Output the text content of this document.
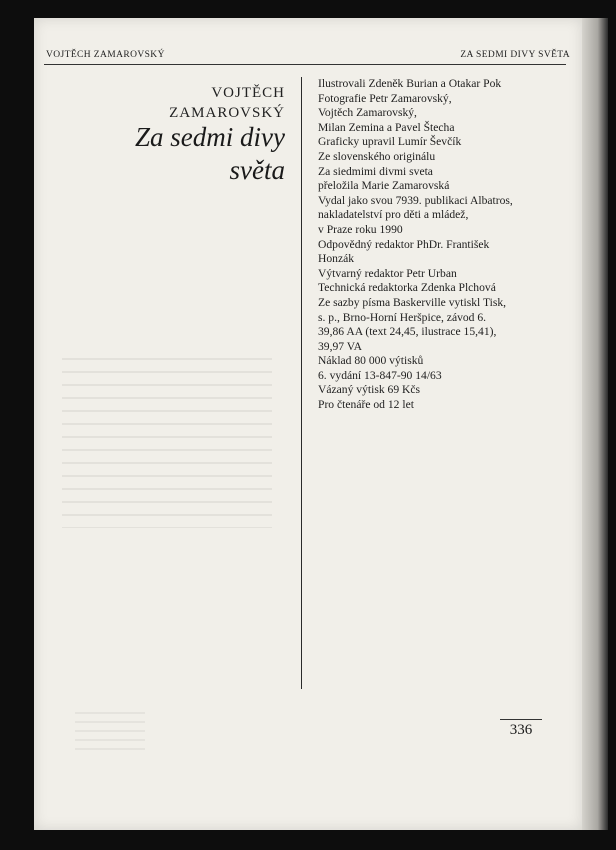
VOJTĚCH ZAMAROVSKÝ	ZA SEDMI DIVY SVĚTA
VOJTĚCH
ZAMAROVSKÝ
Za sedmi divy
světa
Ilustrovali Zdeněk Burian a Otakar Pok
Fotografie Petr Zamarovský,
Vojtěch Zamarovský,
Milan Zemina a Pavel Štecha
Graficky upravil Lumír Ševčík
Ze slovenského originálu
Za siedmimi divmi sveta
přeložila Marie Zamarovská
Vydal jako svou 7939. publikaci Albatros,
nakladatelství pro děti a mládež,
v Praze roku 1990
Odpovědný redaktor PhDr. František
Honzák
Výtvarný redaktor Petr Urban
Technická redaktorka Zdenka Plchová
Ze sazby písma Baskerville vytiskl Tisk,
s. p., Brno-Horní Heršpice, závod 6.
39,86 AA (text 24,45, ilustrace 15,41),
39,97 VA
Náklad 80 000 výtisků
6. vydání 13-847-90 14/63
Vázaný výtisk 69 Kčs
Pro čtenáře od 12 let
336
